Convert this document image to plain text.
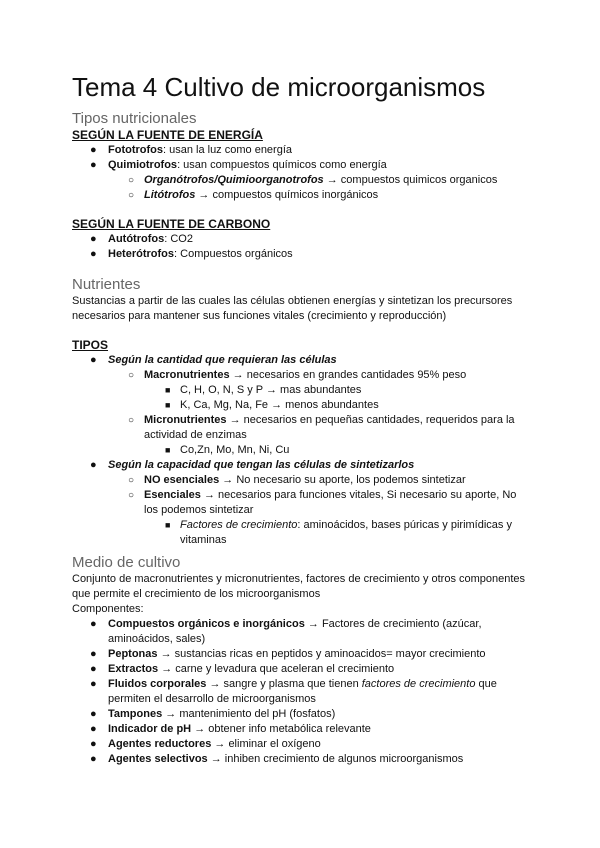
Tema 4 Cultivo de microorganismos
Tipos nutricionales
SEGÚN LA FUENTE DE ENERGÍA
● Fototrofos: usan la luz como energía
● Quimiotrofos: usan compuestos químicos como energía
○ Organótrofos/Quimioorganotrofos → compuestos quimicos organicos
○ Litótrofos → compuestos químicos inorgánicos
SEGÚN LA FUENTE DE CARBONO
● Autótrofos: CO2
● Heterótrofos: Compuestos orgánicos
Nutrientes

Sustancias a partir de las cuales las células obtienen energías y sintetizan los precursores necesarios para mantener sus funciones vitales (crecimiento y reproducción)

TIPOS
● Según la cantidad que requieran las células
○ Macronutrientes → necesarios en grandes cantidades 95% peso
■ C, H, O, N, S y P → mas abundantes
■ K, Ca, Mg, Na, Fe → menos abundantes
○ Micronutrientes → necesarios en pequeñas cantidades, requeridos para la actividad de enzimas
■ Co,Zn, Mo, Mn, Ni, Cu
● Según la capacidad que tengan las células de sintetizarlos
○ NO esenciales → No necesario su aporte, los podemos sintetizar
○ Esenciales → necesarios para funciones vitales, Si necesario su aporte, No los podemos sintetizar
■ Factores de crecimiento: aminoácidos, bases púricas y pirimídicas y vitaminas
Medio de cultivo

Conjunto de macronutrientes y micronutrientes, factores de crecimiento y otros componentes que permite el crecimiento de los microorganismos

Componentes:

● Compuestos orgánicos e inorgánicos → Factores de crecimiento (azúcar, aminoácidos, sales)
● Peptonas → sustancias ricas en peptidos y aminoacidos= mayor crecimiento
● Extractos → carne y levadura que aceleran el crecimiento
● Fluidos corporales → sangre y plasma que tienen factores de crecimiento que permiten el desarrollo de microorganismos
● Tampones → mantenimiento del pH (fosfatos)
● Indicador de pH → obtener info metabólica relevante
● Agentes reductores → eliminar el oxígeno
● Agentes selectivos → inhiben crecimiento de algunos microorganismos
